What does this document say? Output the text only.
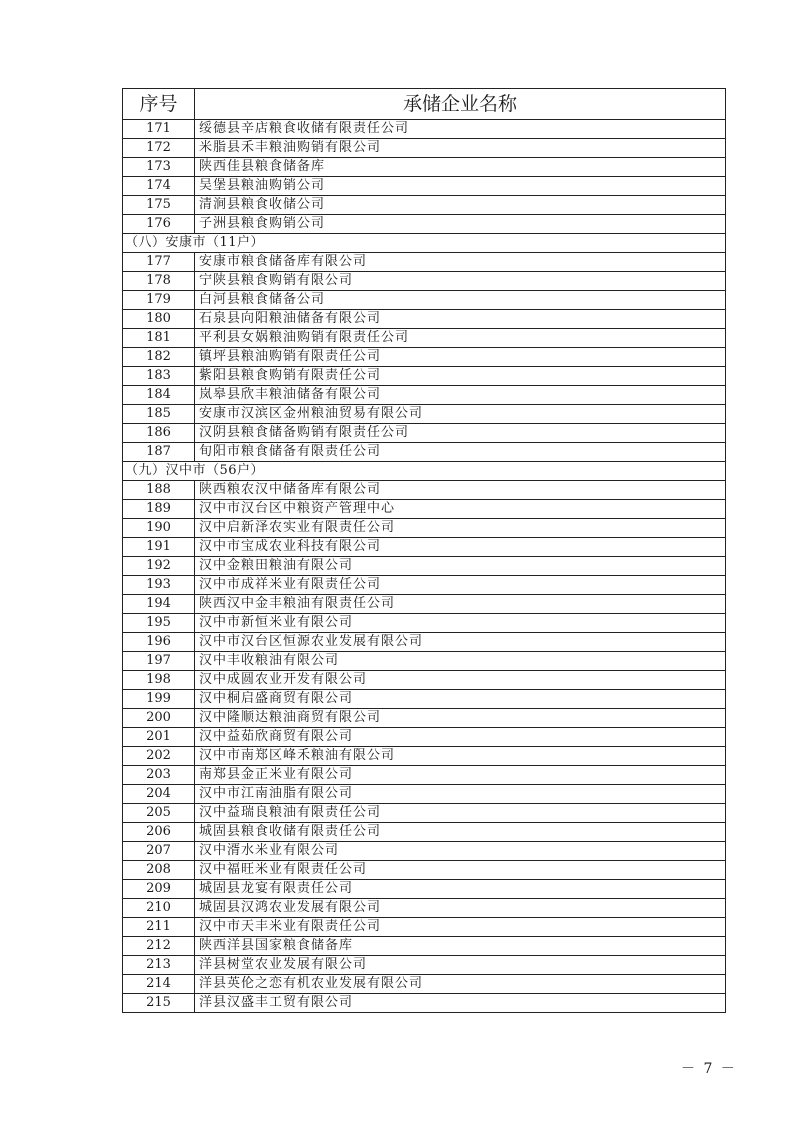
序号	承储企业名称
171	绥德县辛店粮食收储有限责任公司
172	米脂县禾丰粮油购销有限公司
173	陕西佳县粮食储备库
174	吴堡县粮油购销公司
175	清涧县粮食收储公司
176	子洲县粮食购销公司
（八）安康市（11户）	
177	安康市粮食储备库有限公司
178	宁陕县粮食购销有限公司
179	白河县粮食储备公司
180	石泉县向阳粮油储备有限公司
181	平利县女娲粮油购销有限责任公司
182	镇坪县粮油购销有限责任公司
183	紫阳县粮食购销有限责任公司
184	岚皋县欣丰粮油储备有限公司
185	安康市汉滨区金州粮油贸易有限公司
186	汉阴县粮食储备购销有限责任公司
187	旬阳市粮食储备有限责任公司
（九）汉中市（56户）	
188	陕西粮农汉中储备库有限公司
189	汉中市汉台区中粮资产管理中心
190	汉中启新泽农实业有限责任公司
191	汉中市宝成农业科技有限公司
192	汉中金粮田粮油有限公司
193	汉中市成祥米业有限责任公司
194	陕西汉中金丰粮油有限责任公司
195	汉中市新恒米业有限公司
196	汉中市汉台区恒源农业发展有限公司
197	汉中丰收粮油有限公司
198	汉中成圆农业开发有限公司
199	汉中桐启盛商贸有限公司
200	汉中隆顺达粮油商贸有限公司
201	汉中益茹欣商贸有限公司
202	汉中市南郑区峰禾粮油有限公司
203	南郑县金正米业有限公司
204	汉中市江南油脂有限公司
205	汉中益瑞良粮油有限责任公司
206	城固县粮食收储有限责任公司
207	汉中湑水米业有限公司
208	汉中福旺米业有限责任公司
209	城固县龙宴有限责任公司
210	城固县汉鸿农业发展有限公司
211	汉中市天丰米业有限责任公司
212	陕西洋县国家粮食储备库
213	洋县树堂农业发展有限公司
214	洋县英伦之恋有机农业发展有限公司
215	洋县汉盛丰工贸有限公司
－ 7 －
